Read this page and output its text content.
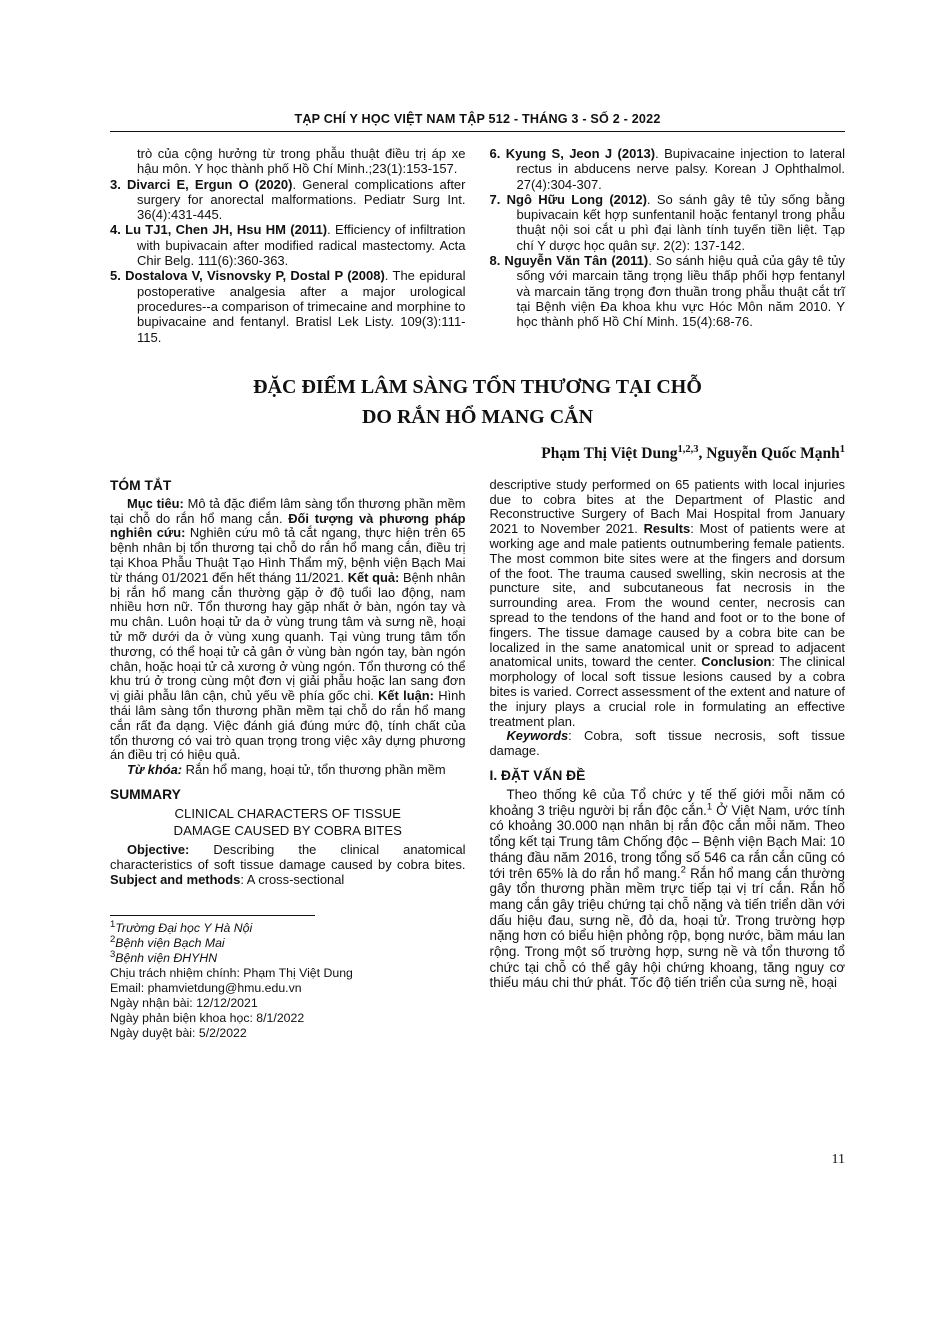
TẠP CHÍ Y HỌC VIỆT NAM TẬP 512 - THÁNG 3 - SỐ 2 - 2022

trò của cộng hưởng từ trong phẫu thuật điều trị áp xe hậu môn. Y học thành phố Hồ Chí Minh.;23(1):153-157.

3. Divarci E, Ergun O (2020). General complications after surgery for anorectal malformations. Pediatr Surg Int. 36(4):431-445.

4. Lu TJ1, Chen JH, Hsu HM (2011). Efficiency of infiltration with bupivacain after modified radical mastectomy. Acta Chir Belg. 111(6):360-363.

5. Dostalova V, Visnovsky P, Dostal P (2008). The epidural postoperative analgesia after a major urological procedures--a comparison of trimecaine and morphine to bupivacaine and fentanyl. Bratisl Lek Listy. 109(3):111-115.

6. Kyung S, Jeon J (2013). Bupivacaine injection to lateral rectus in abducens nerve palsy. Korean J Ophthalmol. 27(4):304-307.

7. Ngô Hữu Long (2012). So sánh gây tê tủy sống bằng bupivacain kết hợp sunfentanil hoặc fentanyl trong phẫu thuật nội soi cắt u phì đại lành tính tuyến tiền liệt. Tạp chí Y dược học quân sự. 2(2): 137-142.

8. Nguyễn Văn Tân (2011). So sánh hiệu quả của gây tê tủy sống với marcain tăng trọng liều thấp phối hợp fentanyl và marcain tăng trọng đơn thuần trong phẫu thuật cắt trĩ tại Bệnh viện Đa khoa khu vực Hóc Môn năm 2010. Y học thành phố Hồ Chí Minh. 15(4):68-76.

ĐẶC ĐIỂM LÂM SÀNG TỔN THƯƠNG TẠI CHỖ
DO RẮN HỔ MANG CẮN
Phạm Thị Việt Dung$^{1,2,3}$, Nguyễn Quốc Mạnh$^1$
TÓM TẮT

Mục tiêu: Mô tả đặc điểm lâm sàng tổn thương phần mềm tại chỗ do rắn hổ mang cắn. Đối tượng và phương pháp nghiên cứu: Nghiên cứu mô tả cắt ngang, thực hiện trên 65 bệnh nhân bị tổn thương tại chỗ do rắn hổ mang cắn, điều trị tại Khoa Phẫu Thuật Tạo Hình Thẩm mỹ, bệnh viện Bạch Mai từ tháng 01/2021 đến hết tháng 11/2021. Kết quả: Bệnh nhân bị rắn hổ mang cắn thường gặp ở độ tuổi lao động, nam nhiều hơn nữ. Tổn thương hay gặp nhất ở bàn, ngón tay và mu chân. Luôn hoại tử da ở vùng trung tâm và sưng nề, hoại tử mỡ dưới da ở vùng xung quanh. Tại vùng trung tâm tổn thương, có thể hoại tử cả gân ở vùng bàn ngón tay, bàn ngón chân, hoặc hoại tử cả xương ở vùng ngón. Tổn thương có thể khu trú ở trong cùng một đơn vị giải phẫu hoặc lan sang đơn vị giải phẫu lân cận, chủ yếu về phía gốc chi. Kết luận: Hình thái lâm sàng tổn thương phần mềm tại chỗ do rắn hổ mang cắn rất đa dạng. Việc đánh giá đúng mức độ, tính chất của tổn thương có vai trò quan trọng trong việc xây dựng phương án điều trị có hiệu quả.

Từ khóa: Rắn hổ mang, hoại tử, tổn thương phần mềm

SUMMARY
CLINICAL CHARACTERS OF TISSUE
DAMAGE CAUSED BY COBRA BITES

Objective: Describing the clinical anatomical characteristics of soft tissue damage caused by cobra bites. Subject and methods: A cross-sectional

$^1$Trường Đại học Y Hà Nội

$^2$Bệnh viện Bạch Mai

$^3$Bệnh viện ĐHYHN

Chịu trách nhiệm chính: Phạm Thị Việt Dung

Email: phamvietdung@hmu.edu.vn

Ngày nhận bài: 12/12/2021

Ngày phản biện khoa học: 8/1/2022

Ngày duyệt bài: 5/2/2022

descriptive study performed on 65 patients with local injuries due to cobra bites at the Department of Plastic and Reconstructive Surgery of Bach Mai Hospital from January 2021 to November 2021. Results: Most of patients were at working age and male patients outnumbering female patients. The most common bite sites were at the fingers and dorsum of the foot. The trauma caused swelling, skin necrosis at the puncture site, and subcutaneous fat necrosis in the surrounding area. From the wound center, necrosis can spread to the tendons of the hand and foot or to the bone of fingers. The tissue damage caused by a cobra bite can be localized in the same anatomical unit or spread to adjacent anatomical units, toward the center. Conclusion: The clinical morphology of local soft tissue lesions caused by a cobra bites is varied. Correct assessment of the extent and nature of the injury plays a crucial role in formulating an effective treatment plan.

Keywords: Cobra, soft tissue necrosis, soft tissue damage.

I. ĐẶT VẤN ĐỀ

Theo thống kê của Tổ chức y tế thế giới mỗi năm có khoảng 3 triệu người bị rắn độc cắn.$^1$ Ở Việt Nam, ước tính có khoảng 30.000 nạn nhân bị rắn độc cắn mỗi năm. Theo tổng kết tại Trung tâm Chống độc – Bệnh viện Bạch Mai: 10 tháng đầu năm 2016, trong tổng số 546 ca rắn cắn cũng có tới trên 65% là do rắn hổ mang.$^2$ Rắn hổ mang cắn thường gây tổn thương phần mềm trực tiếp tại vị trí cắn. Rắn hổ mang cắn gây triệu chứng tại chỗ nặng và tiến triển dần với dấu hiệu đau, sưng nề, đỏ da, hoại tử. Trong trường hợp nặng hơn có biểu hiện phỏng rộp, bọng nước, bầm máu lan rộng. Trong một số trường hợp, sưng nề và tổn thương tổ chức tại chỗ có thể gây hội chứng khoang, tăng nguy cơ thiếu máu chi thứ phát. Tốc độ tiến triển của sưng nề, hoại

11
